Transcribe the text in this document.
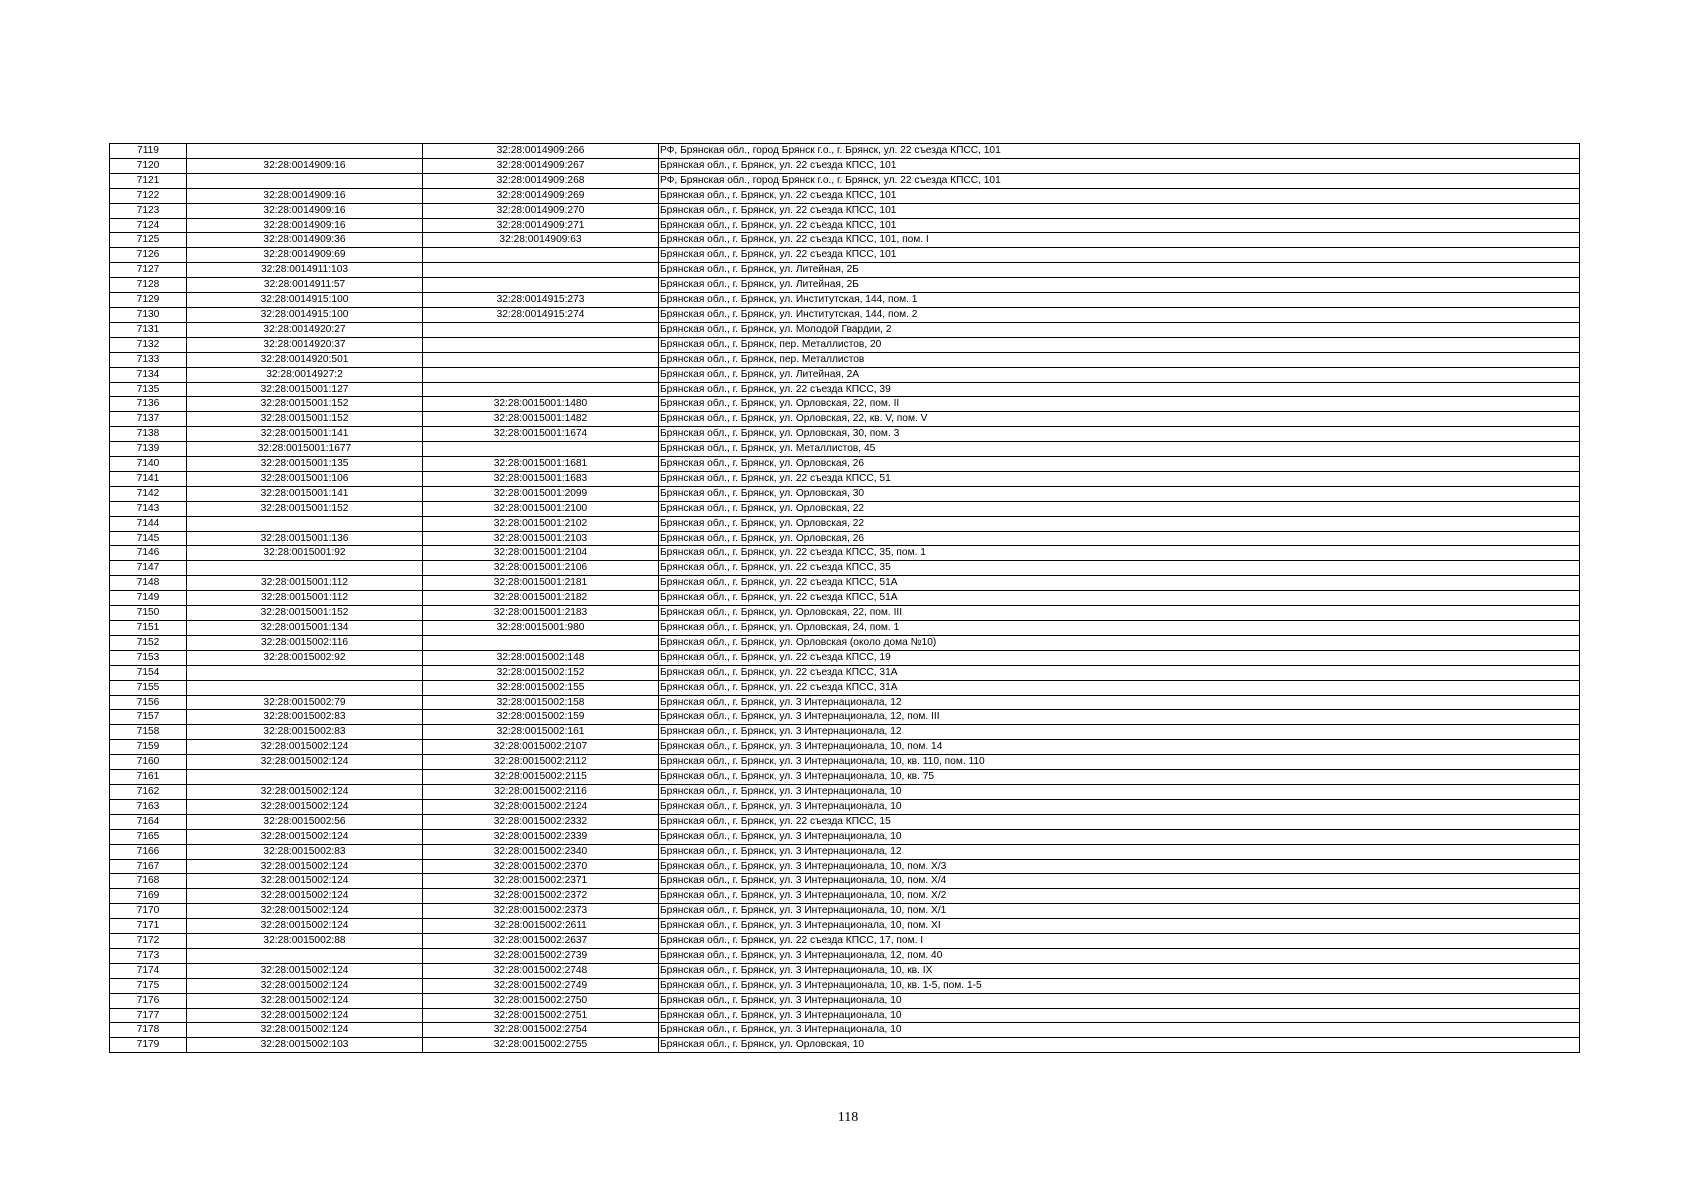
7119		32:28:0014909:266	РФ, Брянская обл., город Брянск г.о., г. Брянск, ул. 22 съезда КПСС, 101
7120	32:28:0014909:16	32:28:0014909:267	Брянская обл., г. Брянск, ул. 22 съезда КПСС, 101
7121		32:28:0014909:268	РФ, Брянская обл., город Брянск г.о., г. Брянск, ул. 22 съезда КПСС, 101
7122	32:28:0014909:16	32:28:0014909:269	Брянская обл., г. Брянск, ул. 22 съезда КПСС, 101
7123	32:28:0014909:16	32:28:0014909:270	Брянская обл., г. Брянск, ул. 22 съезда КПСС, 101
7124	32:28:0014909:16	32:28:0014909:271	Брянская обл., г. Брянск, ул. 22 съезда КПСС, 101
7125	32:28:0014909:36	32:28:0014909:63	Брянская обл., г. Брянск, ул. 22 съезда КПСС, 101, пом. I
7126	32:28:0014909:69		Брянская обл., г. Брянск, ул. 22 съезда КПСС, 101
7127	32:28:0014911:103		Брянская обл., г. Брянск, ул. Литейная, 2Б
7128	32:28:0014911:57		Брянская обл., г. Брянск, ул. Литейная, 2Б
7129	32:28:0014915:100	32:28:0014915:273	Брянская обл., г. Брянск, ул. Институтская, 144, пом. 1
7130	32:28:0014915:100	32:28:0014915:274	Брянская обл., г. Брянск, ул. Институтская, 144, пом. 2
7131	32:28:0014920:27		Брянская обл., г. Брянск, ул. Молодой Гвардии, 2
7132	32:28:0014920:37		Брянская обл., г. Брянск, пер. Металлистов, 20
7133	32:28:0014920:501		Брянская обл., г. Брянск, пер. Металлистов
7134	32:28:0014927:2		Брянская обл., г. Брянск, ул. Литейная, 2А
7135	32:28:0015001:127		Брянская обл., г. Брянск, ул. 22 съезда КПСС, 39
7136	32:28:0015001:152	32:28:0015001:1480	Брянская обл., г. Брянск, ул. Орловская, 22, пом. II
7137	32:28:0015001:152	32:28:0015001:1482	Брянская обл., г. Брянск, ул. Орловская, 22, кв. V, пом. V
7138	32:28:0015001:141	32:28:0015001:1674	Брянская обл., г. Брянск, ул. Орловская, 30, пом. 3
7139	32:28:0015001:1677		Брянская обл., г. Брянск, ул. Металлистов, 45
7140	32:28:0015001:135	32:28:0015001:1681	Брянская обл., г. Брянск, ул. Орловская, 26
7141	32:28:0015001:106	32:28:0015001:1683	Брянская обл., г. Брянск, ул. 22 съезда КПСС, 51
7142	32:28:0015001:141	32:28:0015001:2099	Брянская обл., г. Брянск, ул. Орловская, 30
7143	32:28:0015001:152	32:28:0015001:2100	Брянская обл., г. Брянск, ул. Орловская, 22
7144		32:28:0015001:2102	Брянская обл., г. Брянск, ул. Орловская, 22
7145	32:28:0015001:136	32:28:0015001:2103	Брянская обл., г. Брянск, ул. Орловская, 26
7146	32:28:0015001:92	32:28:0015001:2104	Брянская обл., г. Брянск, ул. 22 съезда КПСС, 35, пом. 1
7147		32:28:0015001:2106	Брянская обл., г. Брянск, ул. 22 съезда КПСС, 35
7148	32:28:0015001:112	32:28:0015001:2181	Брянская обл., г. Брянск, ул. 22 съезда КПСС, 51А
7149	32:28:0015001:112	32:28:0015001:2182	Брянская обл., г. Брянск, ул. 22 съезда КПСС, 51А
7150	32:28:0015001:152	32:28:0015001:2183	Брянская обл., г. Брянск, ул. Орловская, 22, пом. III
7151	32:28:0015001:134	32:28:0015001:980	Брянская обл., г. Брянск, ул. Орловская, 24, пом. 1
7152	32:28:0015002:116		Брянская обл., г. Брянск, ул. Орловская (около дома №10)
7153	32:28:0015002:92	32:28:0015002:148	Брянская обл., г. Брянск, ул. 22 съезда КПСС, 19
7154		32:28:0015002:152	Брянская обл., г. Брянск, ул. 22 съезда КПСС, 31А
7155		32:28:0015002:155	Брянская обл., г. Брянск, ул. 22 съезда КПСС, 31А
7156	32:28:0015002:79	32:28:0015002:158	Брянская обл., г. Брянск, ул. 3 Интернационала, 12
7157	32:28:0015002:83	32:28:0015002:159	Брянская обл., г. Брянск, ул. 3 Интернационала, 12, пом. III
7158	32:28:0015002:83	32:28:0015002:161	Брянская обл., г. Брянск, ул. 3 Интернационала, 12
7159	32:28:0015002:124	32:28:0015002:2107	Брянская обл., г. Брянск, ул. 3 Интернационала, 10, пом. 14
7160	32:28:0015002:124	32:28:0015002:2112	Брянская обл., г. Брянск, ул. 3 Интернационала, 10, кв. 110, пом. 110
7161		32:28:0015002:2115	Брянская обл., г. Брянск, ул. 3 Интернационала, 10, кв. 75
7162	32:28:0015002:124	32:28:0015002:2116	Брянская обл., г. Брянск, ул. 3 Интернационала, 10
7163	32:28:0015002:124	32:28:0015002:2124	Брянская обл., г. Брянск, ул. 3 Интернационала, 10
7164	32:28:0015002:56	32:28:0015002:2332	Брянская обл., г. Брянск, ул. 22 съезда КПСС, 15
7165	32:28:0015002:124	32:28:0015002:2339	Брянская обл., г. Брянск, ул. 3 Интернационала, 10
7166	32:28:0015002:83	32:28:0015002:2340	Брянская обл., г. Брянск, ул. 3 Интернационала, 12
7167	32:28:0015002:124	32:28:0015002:2370	Брянская обл., г. Брянск, ул. 3 Интернационала, 10, пом. X/3
7168	32:28:0015002:124	32:28:0015002:2371	Брянская обл., г. Брянск, ул. 3 Интернационала, 10, пом. X/4
7169	32:28:0015002:124	32:28:0015002:2372	Брянская обл., г. Брянск, ул. 3 Интернационала, 10, пом. X/2
7170	32:28:0015002:124	32:28:0015002:2373	Брянская обл., г. Брянск, ул. 3 Интернационала, 10, пом. X/1
7171	32:28:0015002:124	32:28:0015002:2611	Брянская обл., г. Брянск, ул. 3 Интернационала, 10, пом. XI
7172	32:28:0015002:88	32:28:0015002:2637	Брянская обл., г. Брянск, ул. 22 съезда КПСС, 17, пом. I
7173		32:28:0015002:2739	Брянская обл., г. Брянск, ул. 3 Интернационала, 12, пом. 40
7174	32:28:0015002:124	32:28:0015002:2748	Брянская обл., г. Брянск, ул. 3 Интернационала, 10, кв. IX
7175	32:28:0015002:124	32:28:0015002:2749	Брянская обл., г. Брянск, ул. 3 Интернационала, 10, кв. 1-5, пом. 1-5
7176	32:28:0015002:124	32:28:0015002:2750	Брянская обл., г. Брянск, ул. 3 Интернационала, 10
7177	32:28:0015002:124	32:28:0015002:2751	Брянская обл., г. Брянск, ул. 3 Интернационала, 10
7178	32:28:0015002:124	32:28:0015002:2754	Брянская обл., г. Брянск, ул. 3 Интернационала, 10
7179	32:28:0015002:103	32:28:0015002:2755	Брянская обл., г. Брянск, ул. Орловская, 10
118
